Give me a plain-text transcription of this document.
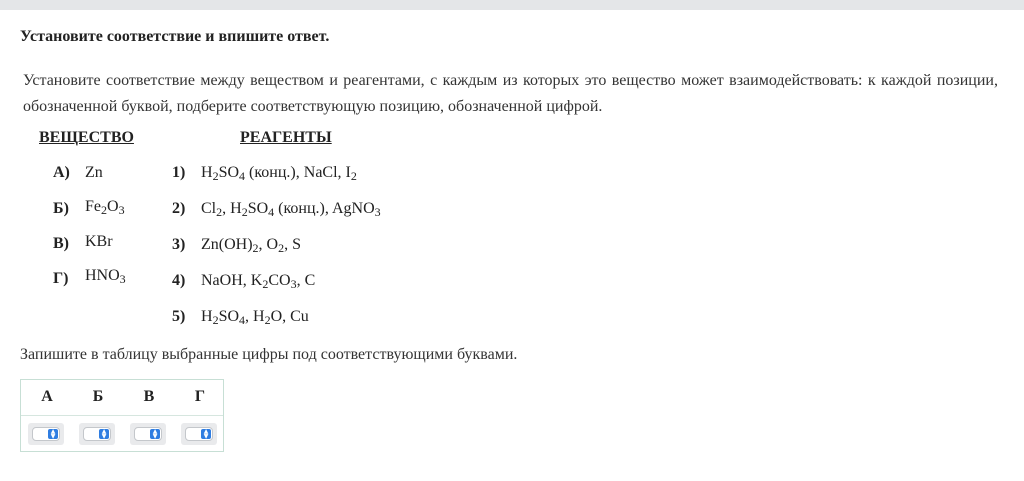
Установите соответствие и впишите ответ.
Установите соответствие между веществом и реагентами, с каждым из которых это вещество может взаимодействовать: к каждой позиции, обозначенной буквой, подберите соответствующую позицию, обозначенной цифрой.
ВЕЩЕСТВО	РЕАГЕНТЫ
А) Zn
Б) $Fe_2O_3$
В) KBr
Г) $HNO_3$
1) $H_2SO_4$ (конц.), NaCl, $I_2$
2) $Cl_2$, $H_2SO_4$ (конц.), AgNO$_3$
3) $Zn(OH)_2$, $O_2$, S
4) NaOH, $K_2CO_3$, C
5) $H_2SO_4$, $H_2O$, Cu
Запишите в таблицу выбранные цифры под соответствующими буквами.
А	Б	В	Г
▲
▼
▲
▼
▲
▼
▲
▼
